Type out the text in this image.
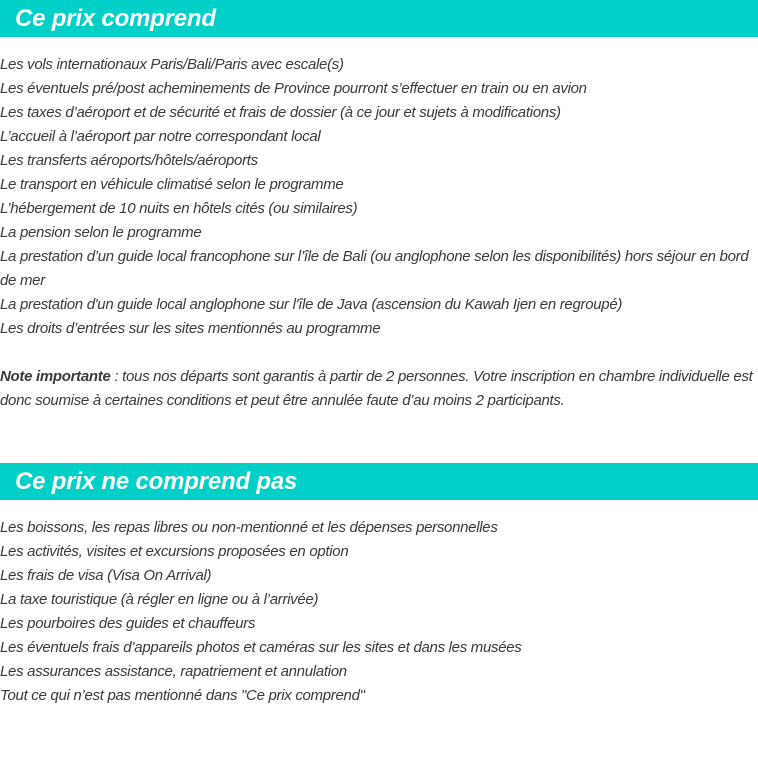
Ce prix comprend
Les vols internationaux Paris/Bali/Paris avec escale(s)
Les éventuels pré/post acheminements de Province pourront s’effectuer en train ou en avion
Les taxes d’aéroport et de sécurité et frais de dossier (à ce jour et sujets à modifications)
L’accueil à l’aéroport par notre correspondant local
Les transferts aéroports/hôtels/aéroports
Le transport en véhicule climatisé selon le programme
L’hébergement de 10 nuits en hôtels cités (ou similaires)
La pension selon le programme
La prestation d’un guide local francophone sur l’île de Bali (ou anglophone selon les disponibilités) hors séjour en bord de mer
La prestation d'un guide local anglophone sur l'île de Java (ascension du Kawah Ijen en regroupé)
Les droits d’entrées sur les sites mentionnés au programme

Note importante : tous nos départs sont garantis à partir de 2 personnes. Votre inscription en chambre individuelle est donc soumise à certaines conditions et peut être annulée faute d’au moins 2 participants.

Ce prix ne comprend pas
Les boissons, les repas libres ou non-mentionné et les dépenses personnelles
Les activités, visites et excursions proposées en option
Les frais de visa (Visa On Arrival)
La taxe touristique (à régler en ligne ou à l’arrivée)
Les pourboires des guides et chauffeurs
Les éventuels frais d’appareils photos et caméras sur les sites et dans les musées
Les assurances assistance, rapatriement et annulation
Tout ce qui n’est pas mentionné dans "Ce prix comprend"
